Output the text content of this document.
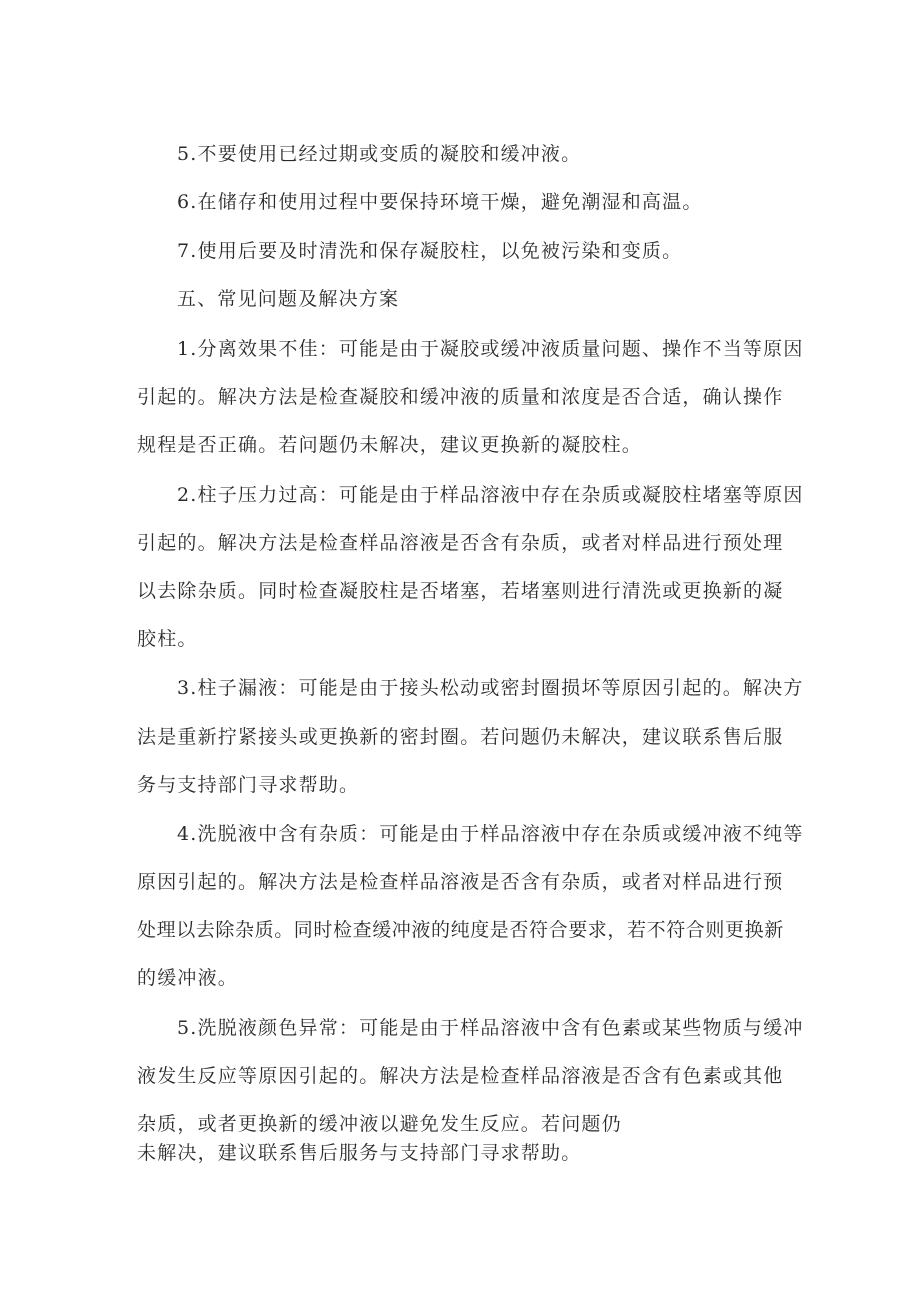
5.不要使用已经过期或变质的凝胶和缓冲液。
6.在储存和使用过程中要保持环境干燥，避免潮湿和高温。
7.使用后要及时清洗和保存凝胶柱，以免被污染和变质。
五、常见问题及解决方案
1.分离效果不佳：可能是由于凝胶或缓冲液质量问题、操作不当等原因
引起的。解决方法是检查凝胶和缓冲液的质量和浓度是否合适，确认操作
规程是否正确。若问题仍未解决，建议更换新的凝胶柱。
2.柱子压力过高：可能是由于样品溶液中存在杂质或凝胶柱堵塞等原因
引起的。解决方法是检查样品溶液是否含有杂质，或者对样品进行预处理
以去除杂质。同时检查凝胶柱是否堵塞，若堵塞则进行清洗或更换新的凝
胶柱。
3.柱子漏液：可能是由于接头松动或密封圈损坏等原因引起的。解决方
法是重新拧紧接头或更换新的密封圈。若问题仍未解决，建议联系售后服
务与支持部门寻求帮助。
4.洗脱液中含有杂质：可能是由于样品溶液中存在杂质或缓冲液不纯等
原因引起的。解决方法是检查样品溶液是否含有杂质，或者对样品进行预
处理以去除杂质。同时检查缓冲液的纯度是否符合要求，若不符合则更换新
的缓冲液。
5.洗脱液颜色异常：可能是由于样品溶液中含有色素或某些物质与缓冲
液发生反应等原因引起的。解决方法是检查样品溶液是否含有色素或其他
杂质，或者更换新的缓冲液以避免发生反应。若问题仍
未解决，建议联系售后服务与支持部门寻求帮助。
